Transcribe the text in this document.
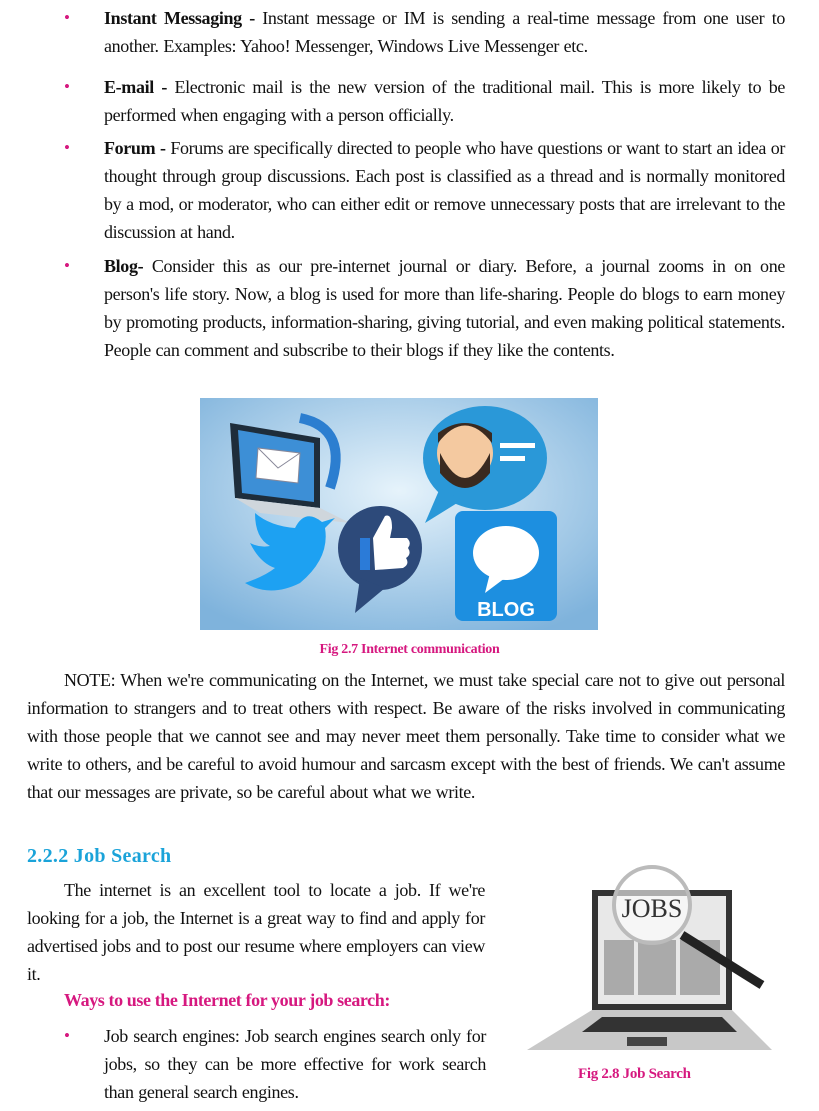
• Instant Messaging - Instant message or IM is sending a real-time message from one user to another. Examples: Yahoo! Messenger, Windows Live Messenger etc.
• E-mail - Electronic mail is the new version of the traditional mail. This is more likely to be performed when engaging with a person officially.
• Forum - Forums are specifically directed to people who have questions or want to start an idea or thought through group discussions. Each post is classified as a thread and is normally monitored by a mod, or moderator, who can either edit or remove unnecessary posts that are irrelevant to the discussion at hand.
• Blog- Consider this as our pre-internet journal or diary. Before, a journal zooms in on one person's life story. Now, a blog is used for more than life-sharing. People do blogs to earn money by promoting products, information-sharing, giving tutorial, and even making political statements. People can comment and subscribe to their blogs if they like the contents.
BLOG
Fig 2.7 Internet communication
NOTE: When we're communicating on the Internet, we must take special care not to give out personal information to strangers and to treat others with respect. Be aware of the risks involved in communicating with those people that we cannot see and may never meet them personally. Take time to consider what we write to others, and be careful to avoid humour and sarcasm except with the best of friends. We can't assume that our messages are private, so be careful about what we write.
2.2.2 Job Search
The internet is an excellent tool to locate a job. If we're looking for a job, the Internet is a great way to find and apply for advertised jobs and to post our resume where employers can view it.
Ways to use the Internet for your job search:
• Job search engines: Job search engines search only for jobs, so they can be more effective for work search than general search engines.
JOBS
Fig 2.8 Job Search
